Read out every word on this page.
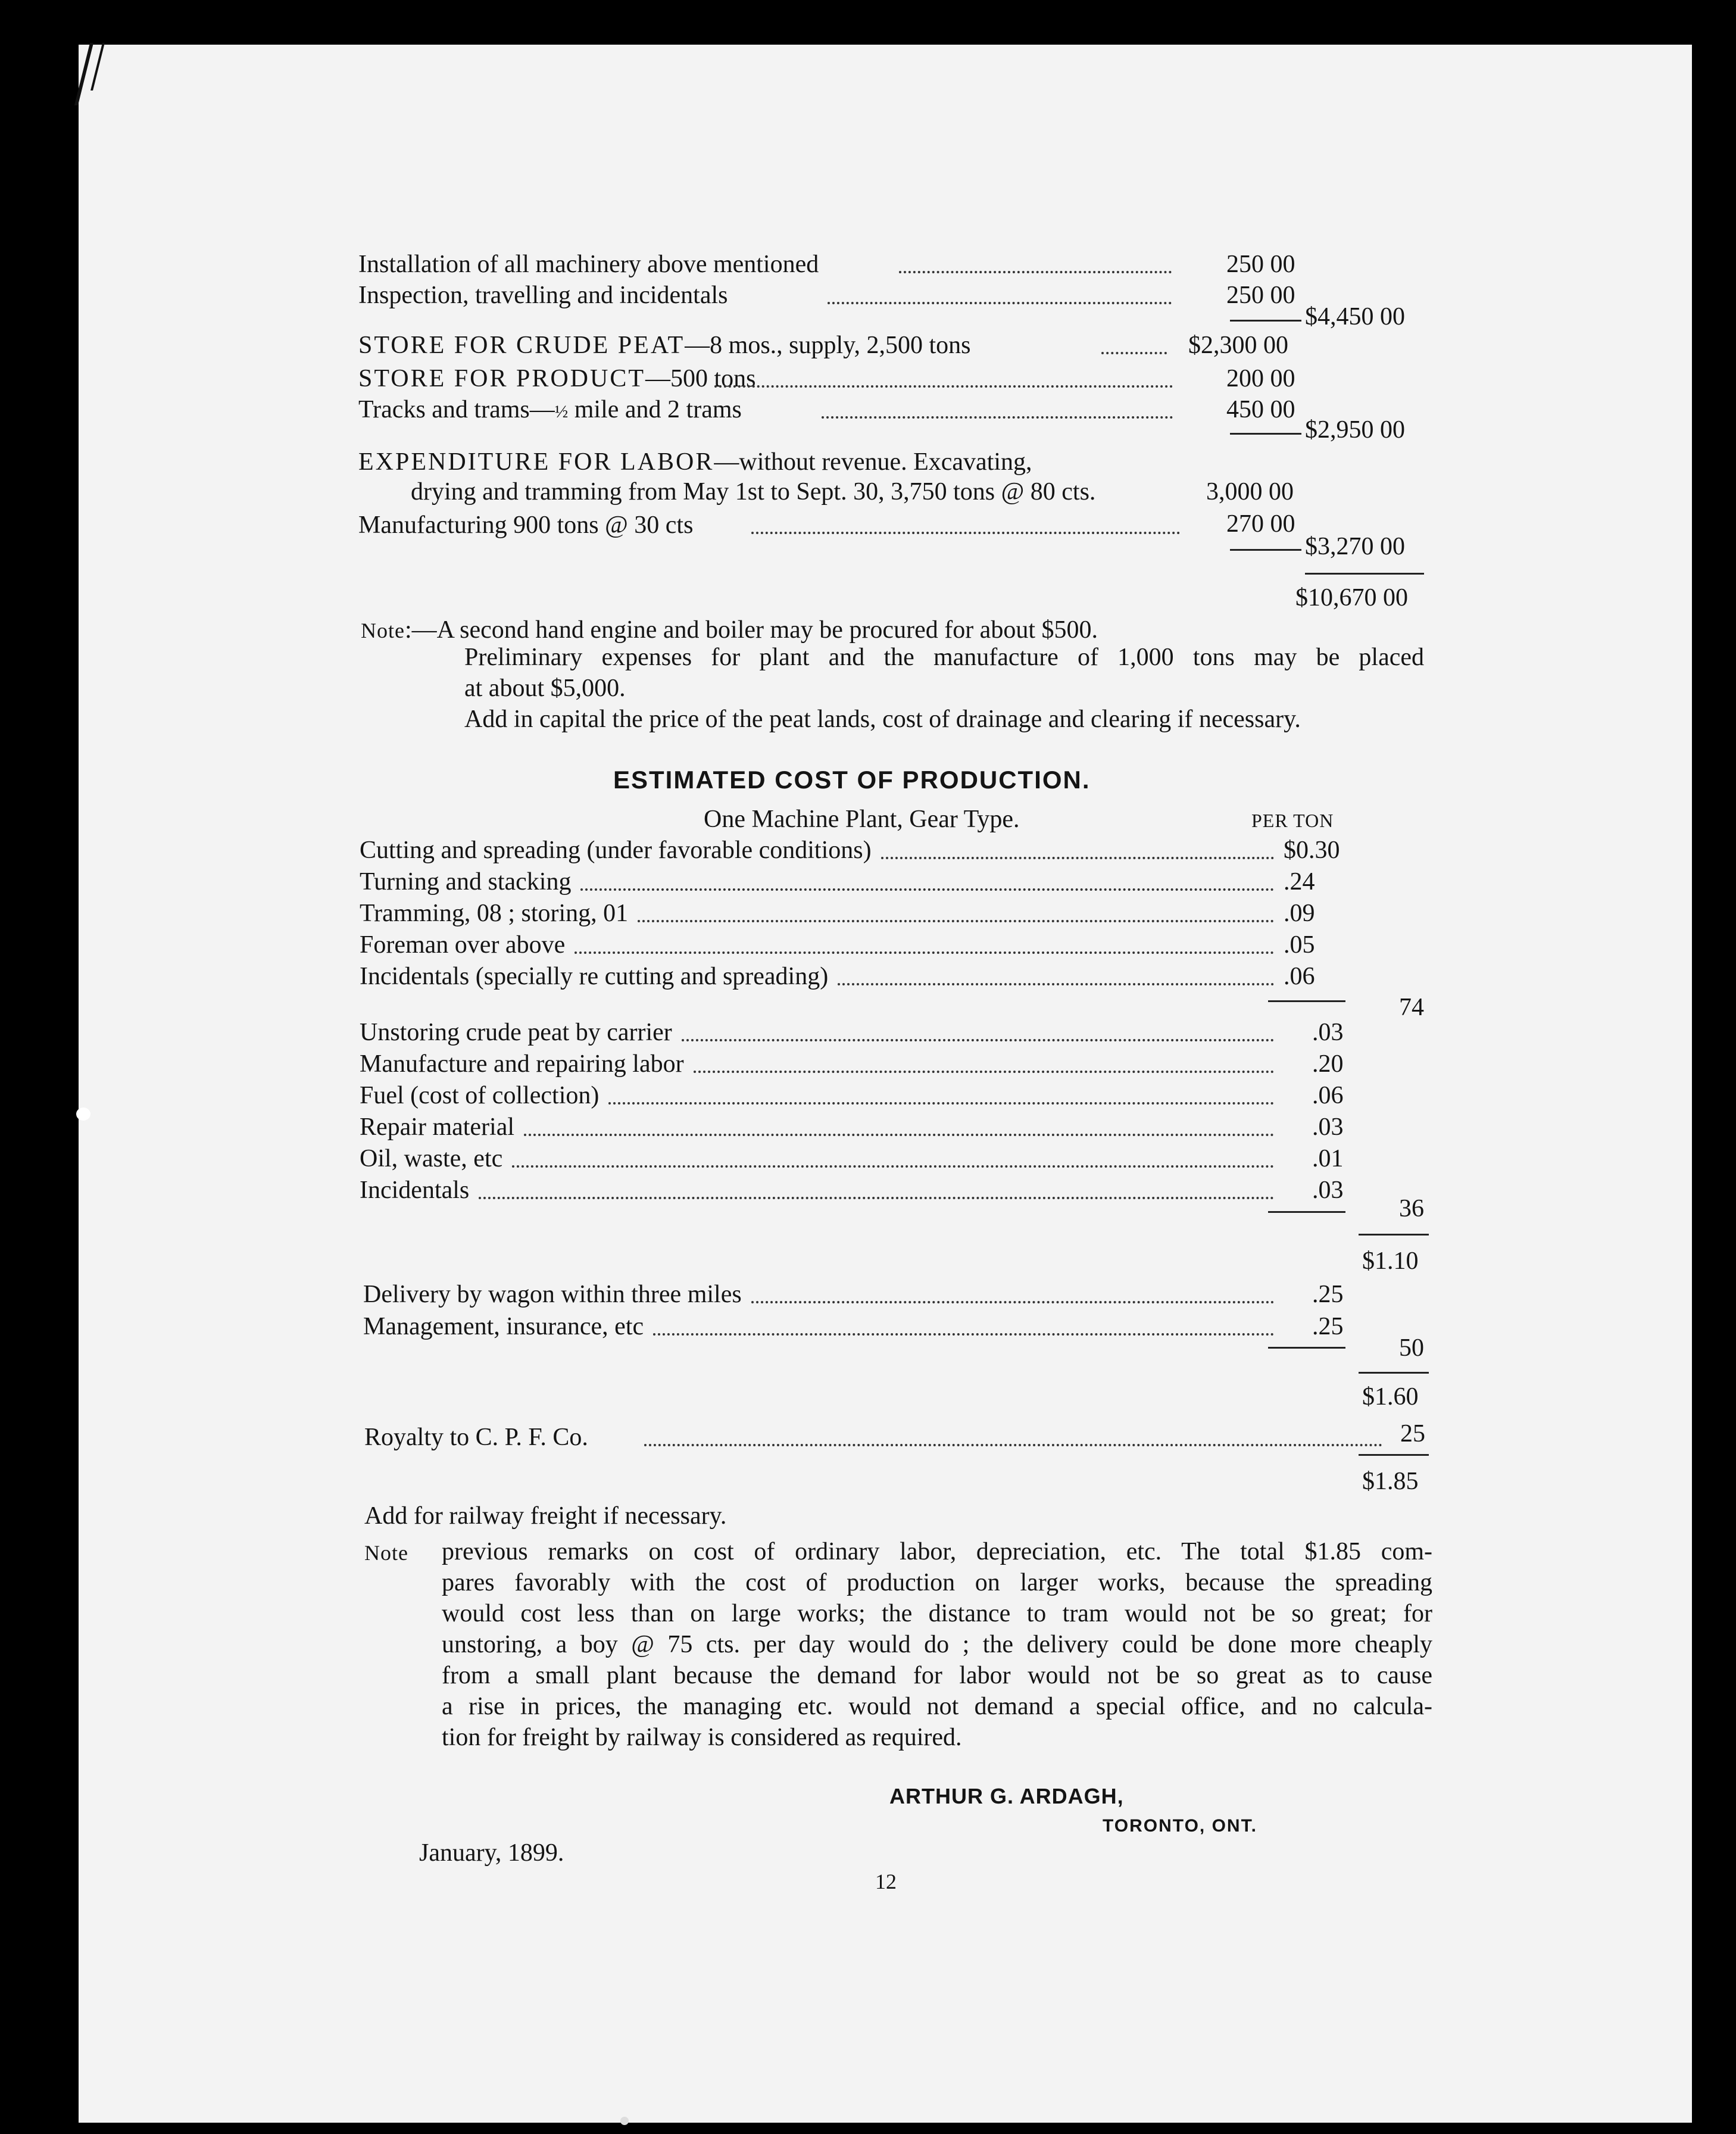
Installation of all machinery above mentioned	250 00
Inspection, travelling and incidentals	250 00
$4,450 00
STORE FOR CRUDE PEAT—8 mos., supply, 2,500 tons	$2,300 00
STORE FOR PRODUCT—500 tons	200 00
Tracks and trams—½ mile and 2 trams	450 00
$2,950 00
EXPENDITURE FOR LABOR—without revenue. Excavating,
drying and tramming from May 1st to Sept. 30, 3,750 tons @ 80 cts.	3,000 00
Manufacturing 900 tons @ 30 cts	270 00
$3,270 00
$10,670 00
Note:—A second hand engine and boiler may be procured for about $500.
Preliminary expenses for plant and the manufacture of 1,000 tons may be placed
at about $5,000.
Add in capital the price of the peat lands, cost of drainage and clearing if necessary.
ESTIMATED COST OF PRODUCTION.
One Machine Plant, Gear Type.	PER TON
Cutting and spreading (under favorable conditions)	$0.30
Turning and stacking	.24
Tramming, 08 ; storing, 01	.09
Foreman over above	.05
Incidentals (specially re cutting and spreading)	.06
74
Unstoring crude peat by carrier	.03
Manufacture and repairing labor	.20
Fuel (cost of collection)	.06
Repair material	.03
Oil, waste, etc	.01
Incidentals	.03
36
$1.10
Delivery by wagon within three miles	.25
Management, insurance, etc	.25
50
$1.60
Royalty to C. P. F. Co.	25
$1.85
Add for railway freight if necessary.
Note previous remarks on cost of ordinary labor, depreciation, etc. The total $1.85 com-
pares favorably with the cost of production on larger works, because the spreading
would cost less than on large works; the distance to tram would not be so great; for
unstoring, a boy @ 75 cts. per day would do ; the delivery could be done more cheaply
from a small plant because the demand for labor would not be so great as to cause
a rise in prices, the managing etc. would not demand a special office, and no calcula-
tion for freight by railway is considered as required.
ARTHUR G. ARDAGH,
TORONTO, ONT.
January, 1899.
12
